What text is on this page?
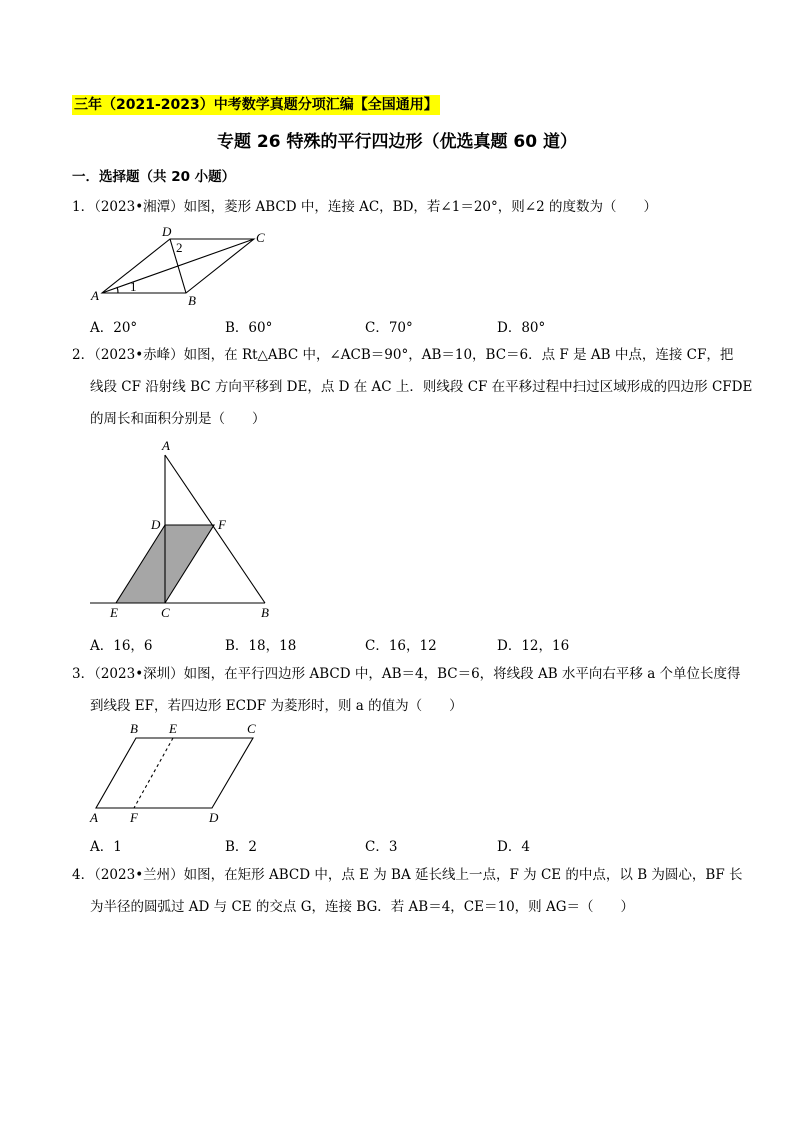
三年（2021-2023）中考数学真题分项汇编【全国通用】
专题 26 特殊的平行四边形（优选真题 60 道）
一．选择题（共 20 小题）
1．（2023•湘潭）如图，菱形 ABCD 中，连接 AC，BD，若∠1＝20°，则∠2 的度数为（　　）
D	C
A	B
1
2
A．20°	B．60°	C．70°	D．80°
2．（2023•赤峰）如图，在 Rt△ABC 中，∠ACB＝90°，AB＝10，BC＝6．点 F 是 AB 中点，连接 CF，把
线段 CF 沿射线 BC 方向平移到 DE，点 D 在 AC 上．则线段 CF 在平移过程中扫过区域形成的四边形 CFDE
的周长和面积分别是（　　）
A
D	F
E	C	B
A．16，6	B．18，18	C．16，12	D．12，16
3．（2023•深圳）如图，在平行四边形 ABCD 中，AB＝4，BC＝6，将线段 AB 水平向右平移 a 个单位长度得
到线段 EF，若四边形 ECDF 为菱形时，则 a 的值为（　　）
B E	C
A F	D
A．1	B．2	C．3	D．4
4．（2023•兰州）如图，在矩形 ABCD 中，点 E 为 BA 延长线上一点，F 为 CE 的中点，以 B 为圆心，BF 长
为半径的圆弧过 AD 与 CE 的交点 G，连接 BG．若 AB＝4，CE＝10，则 AG＝（　　）
